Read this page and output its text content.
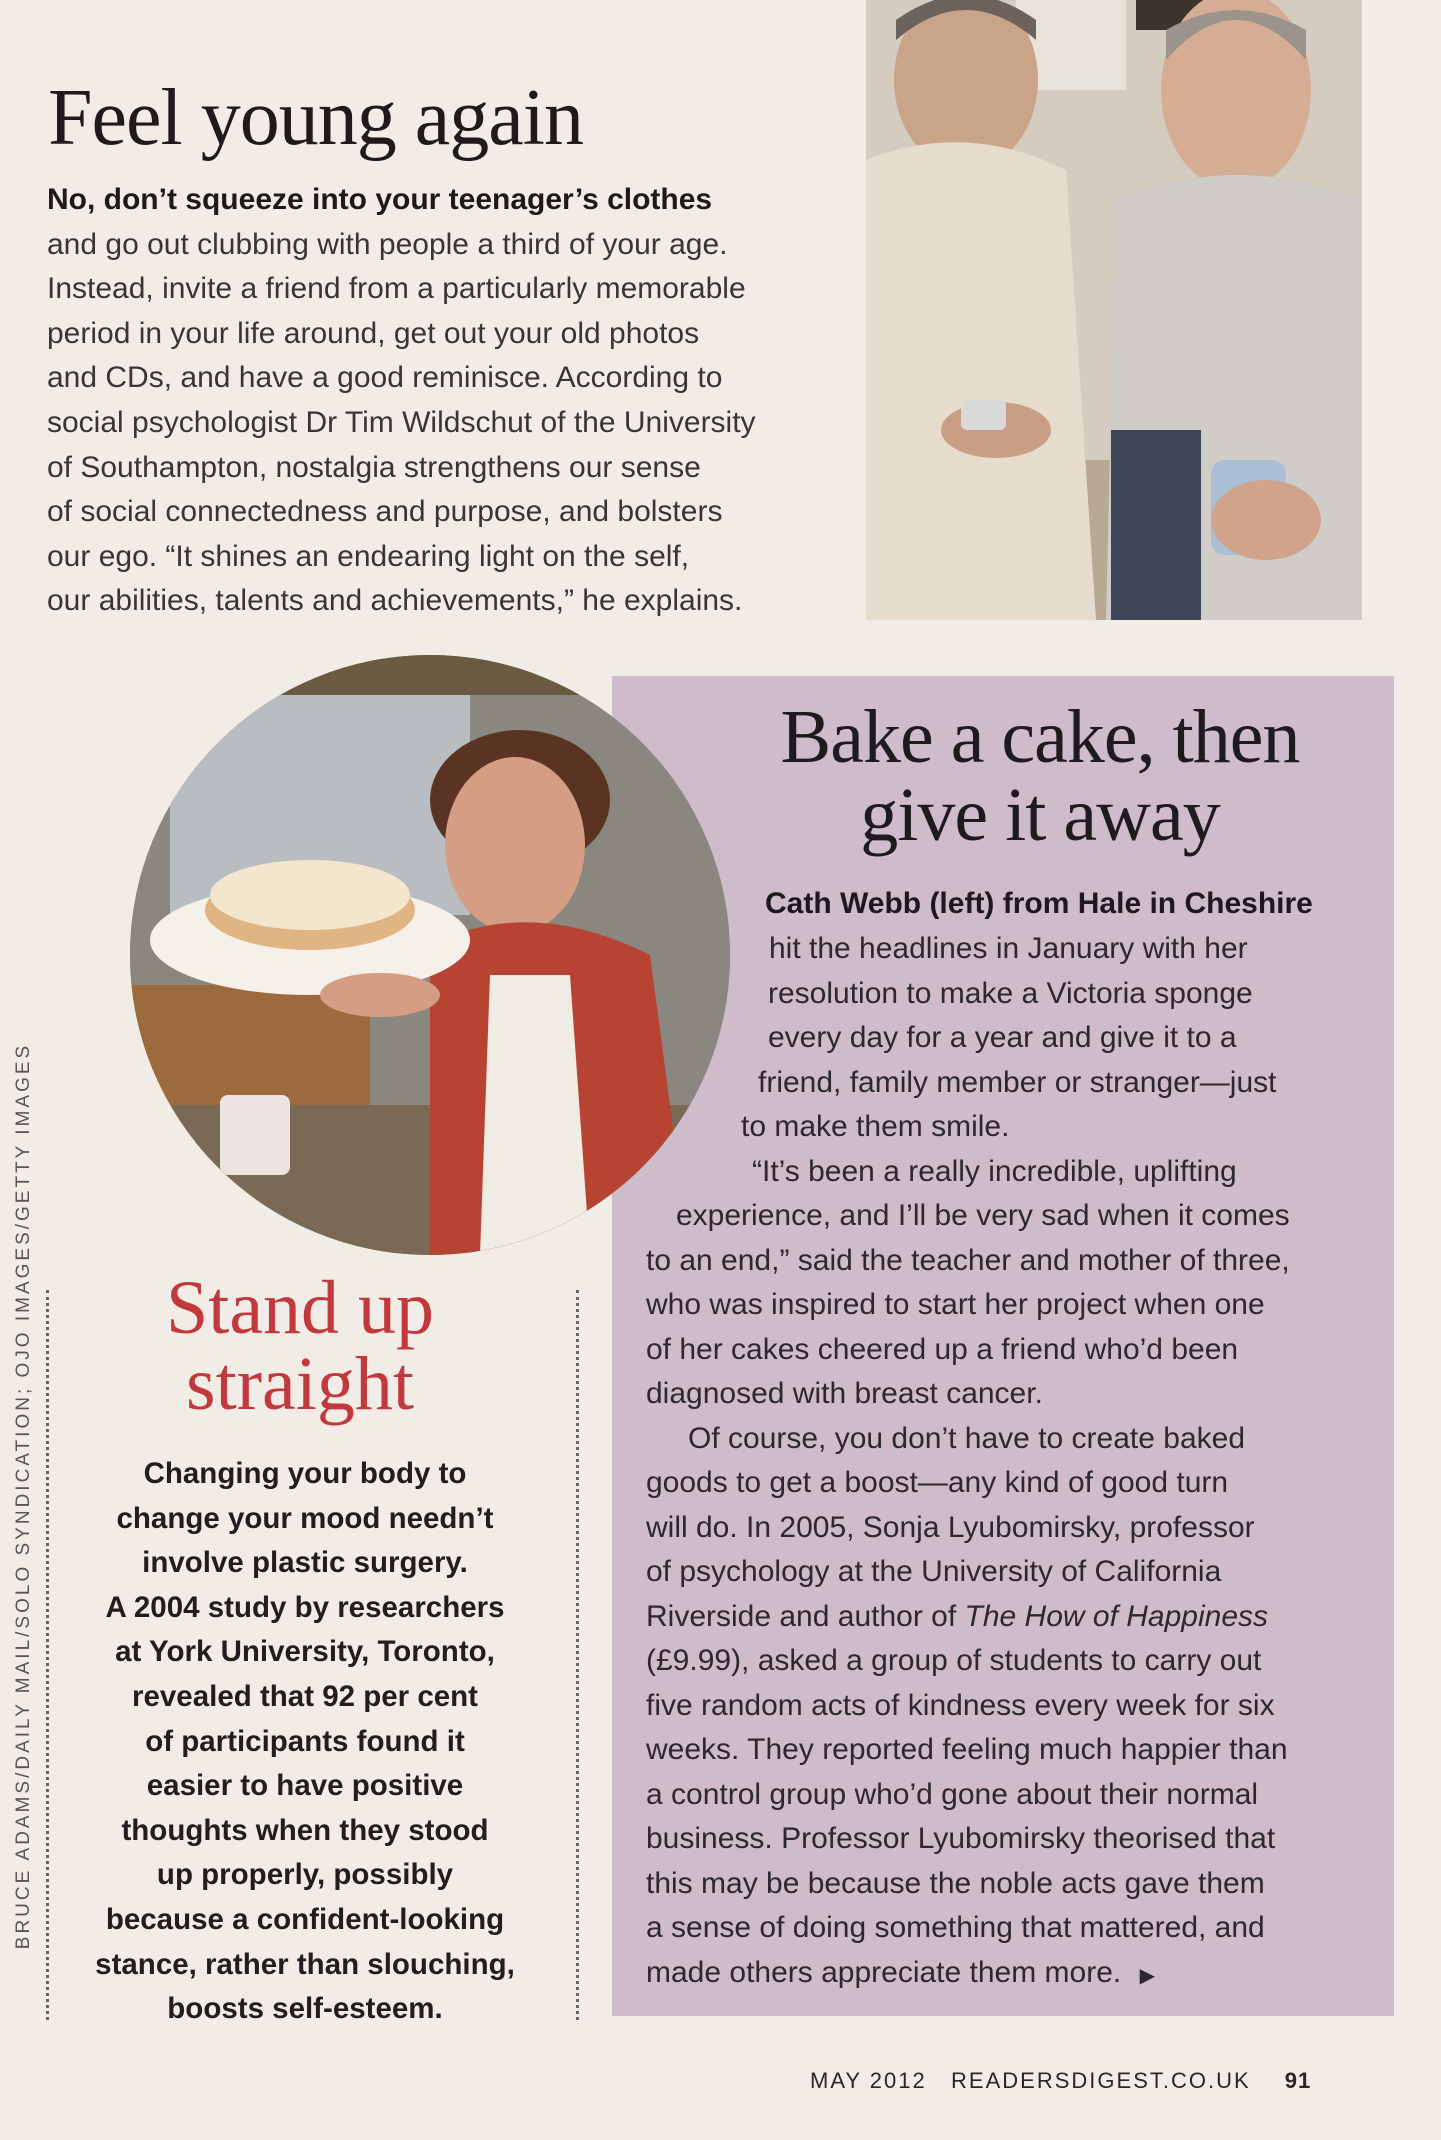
Feel young again
No, don’t squeeze into your teenager’s clothes
and go out clubbing with people a third of your age.
Instead, invite a friend from a particularly memorable
period in your life around, get out your old photos
and CDs, and have a good reminisce. According to
social psychologist Dr Tim Wildschut of the University
of Southampton, nostalgia strengthens our sense
of social connectedness and purpose, and bolsters
our ego. “It shines an endearing light on the self,
our abilities, talents and achievements,” he explains.
Bake a cake, then
give it away
Cath Webb (left) from Hale in Cheshire
hit the headlines in January with her
resolution to make a Victoria sponge
every day for a year and give it to a
friend, family member or stranger—just
to make them smile.
“It’s been a really incredible, uplifting
experience, and I’ll be very sad when it comes
to an end,” said the teacher and mother of three,
who was inspired to start her project when one
of her cakes cheered up a friend who’d been
diagnosed with breast cancer.
Of course, you don’t have to create baked
goods to get a boost—any kind of good turn
will do. In 2005, Sonja Lyubomirsky, professor
of psychology at the University of California
Riverside and author of The How of Happiness
(£9.99), asked a group of students to carry out
five random acts of kindness every week for six
weeks. They reported feeling much happier than
a control group who’d gone about their normal
business. Professor Lyubomirsky theorised that
this may be because the noble acts gave them
a sense of doing something that mattered, and
made others appreciate them more. ▶
Stand up
straight
Changing your body to
change your mood needn’t
involve plastic surgery.
A 2004 study by researchers
at York University, Toronto,
revealed that 92 per cent
of participants found it
easier to have positive
thoughts when they stood
up properly, possibly
because a confident-looking
stance, rather than slouching,
boosts self-esteem.
BRUCE ADAMS/DAILY MAIL/SOLO SYNDICATION; OJO IMAGES/GETTY IMAGES
MAY 2012 READERSDIGEST.CO.UK 91
